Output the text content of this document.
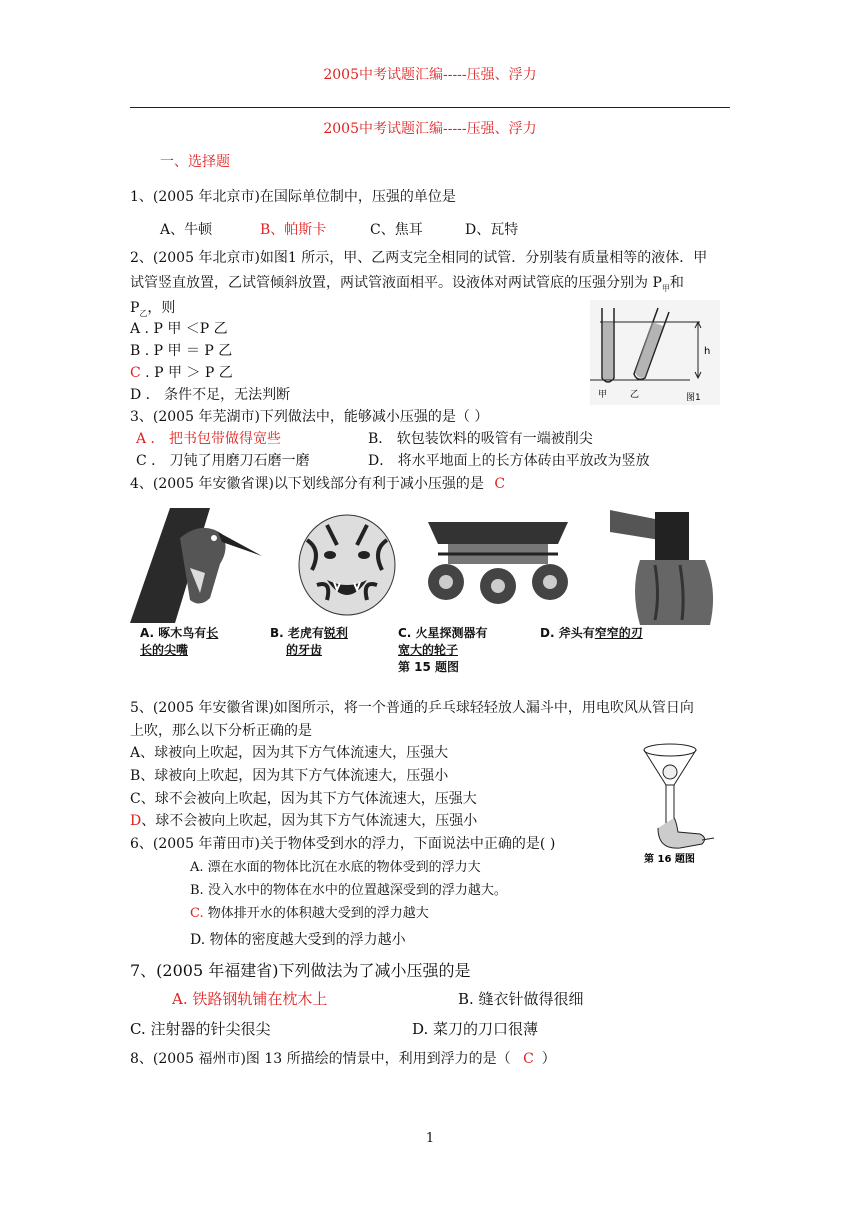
2005中考试题汇编-----压强、浮力
2005中考试题汇编-----压强、浮力
一、选择题
1、(2005 年北京市)在国际单位制中，压强的单位是
A、牛顿	B、帕斯卡	C、焦耳	D、瓦特
2、(2005 年北京市)如图1 所示，甲、乙两支完全相同的试管．分别装有质量相等的液体．甲
试管竖直放置，乙试管倾斜放置，两试管液面相平。设液体对两试管底的压强分别为 $P_甲$和
$P_乙$，则
A . P 甲 ＜P 乙
B . P 甲 ＝ P 乙
C . P 甲 ＞ P 乙
D ． 条件不足，无法判断
h
甲	乙	图1
3、(2005 年芜湖市)下列做法中，能够减小压强的是（ ）
A ． 把书包带做得宽些	B． 软包装饮料的吸管有一端被削尖
C ． 刀钝了用磨刀石磨一磨	D． 将水平地面上的长方体砖由平放改为竖放
4、(2005 年安徽省课)以下划线部分有利于减小压强的是 C
A. 啄木鸟有长
长的尖嘴
B. 老虎有锐利
的牙齿
C. 火星探测器有
宽大的轮子
第 15 题图
D. 斧头有窄窄的刃
5、(2005 年安徽省课)如图所示，将一个普通的乒乓球轻轻放人漏斗中，用电吹风从管日向
上吹，那么以下分析正确的是
A、球被向上吹起，因为其下方气体流速大，压强大
B、球被向上吹起，因为其下方气体流速大，压强小
C、球不会被向上吹起，因为其下方气体流速大，压强大
D、球不会被向上吹起，因为其下方气体流速大，压强小
第 16 题图
6、(2005 年莆田市)关于物体受到水的浮力，下面说法中正确的是( )
A. 漂在水面的物体比沉在水底的物体受到的浮力大
B. 没入水中的物体在水中的位置越深受到的浮力越大。
C. 物体排开水的体积越大受到的浮力越大
D. 物体的密度越大受到的浮力越小
7、(2005 年福建省)下列做法为了减小压强的是
A. 铁路钢轨铺在枕木上	B. 缝衣针做得很细
C. 注射器的针尖很尖	D. 菜刀的刀口很薄
8、(2005 福州市)图 13 所描绘的情景中，利用到浮力的是（ C ）
1
